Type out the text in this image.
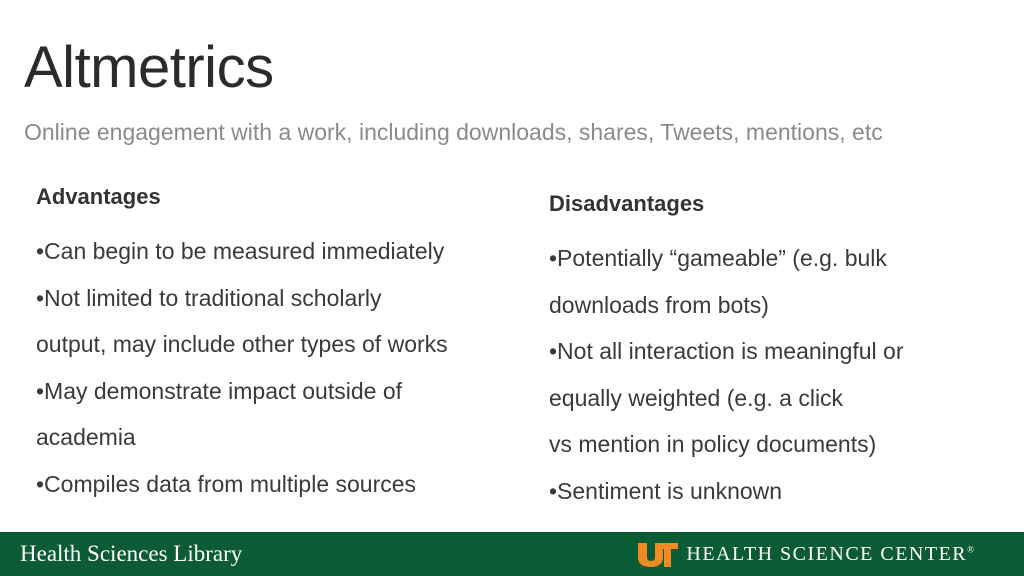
Altmetrics
Online engagement with a work, including downloads, shares, Tweets, mentions, etc
Advantages
•Can begin to be measured immediately
•Not limited to traditional scholarly
output, may include other types of works
•May demonstrate impact outside of
academia
•Compiles data from multiple sources
Disadvantages
•Potentially “gameable” (e.g. bulk
downloads from bots)
•Not all interaction is meaningful or
equally weighted (e.g. a click
vs mention in policy documents)
•Sentiment is unknown
Health Sciences Library	HEALTH SCIENCE CENTER®
